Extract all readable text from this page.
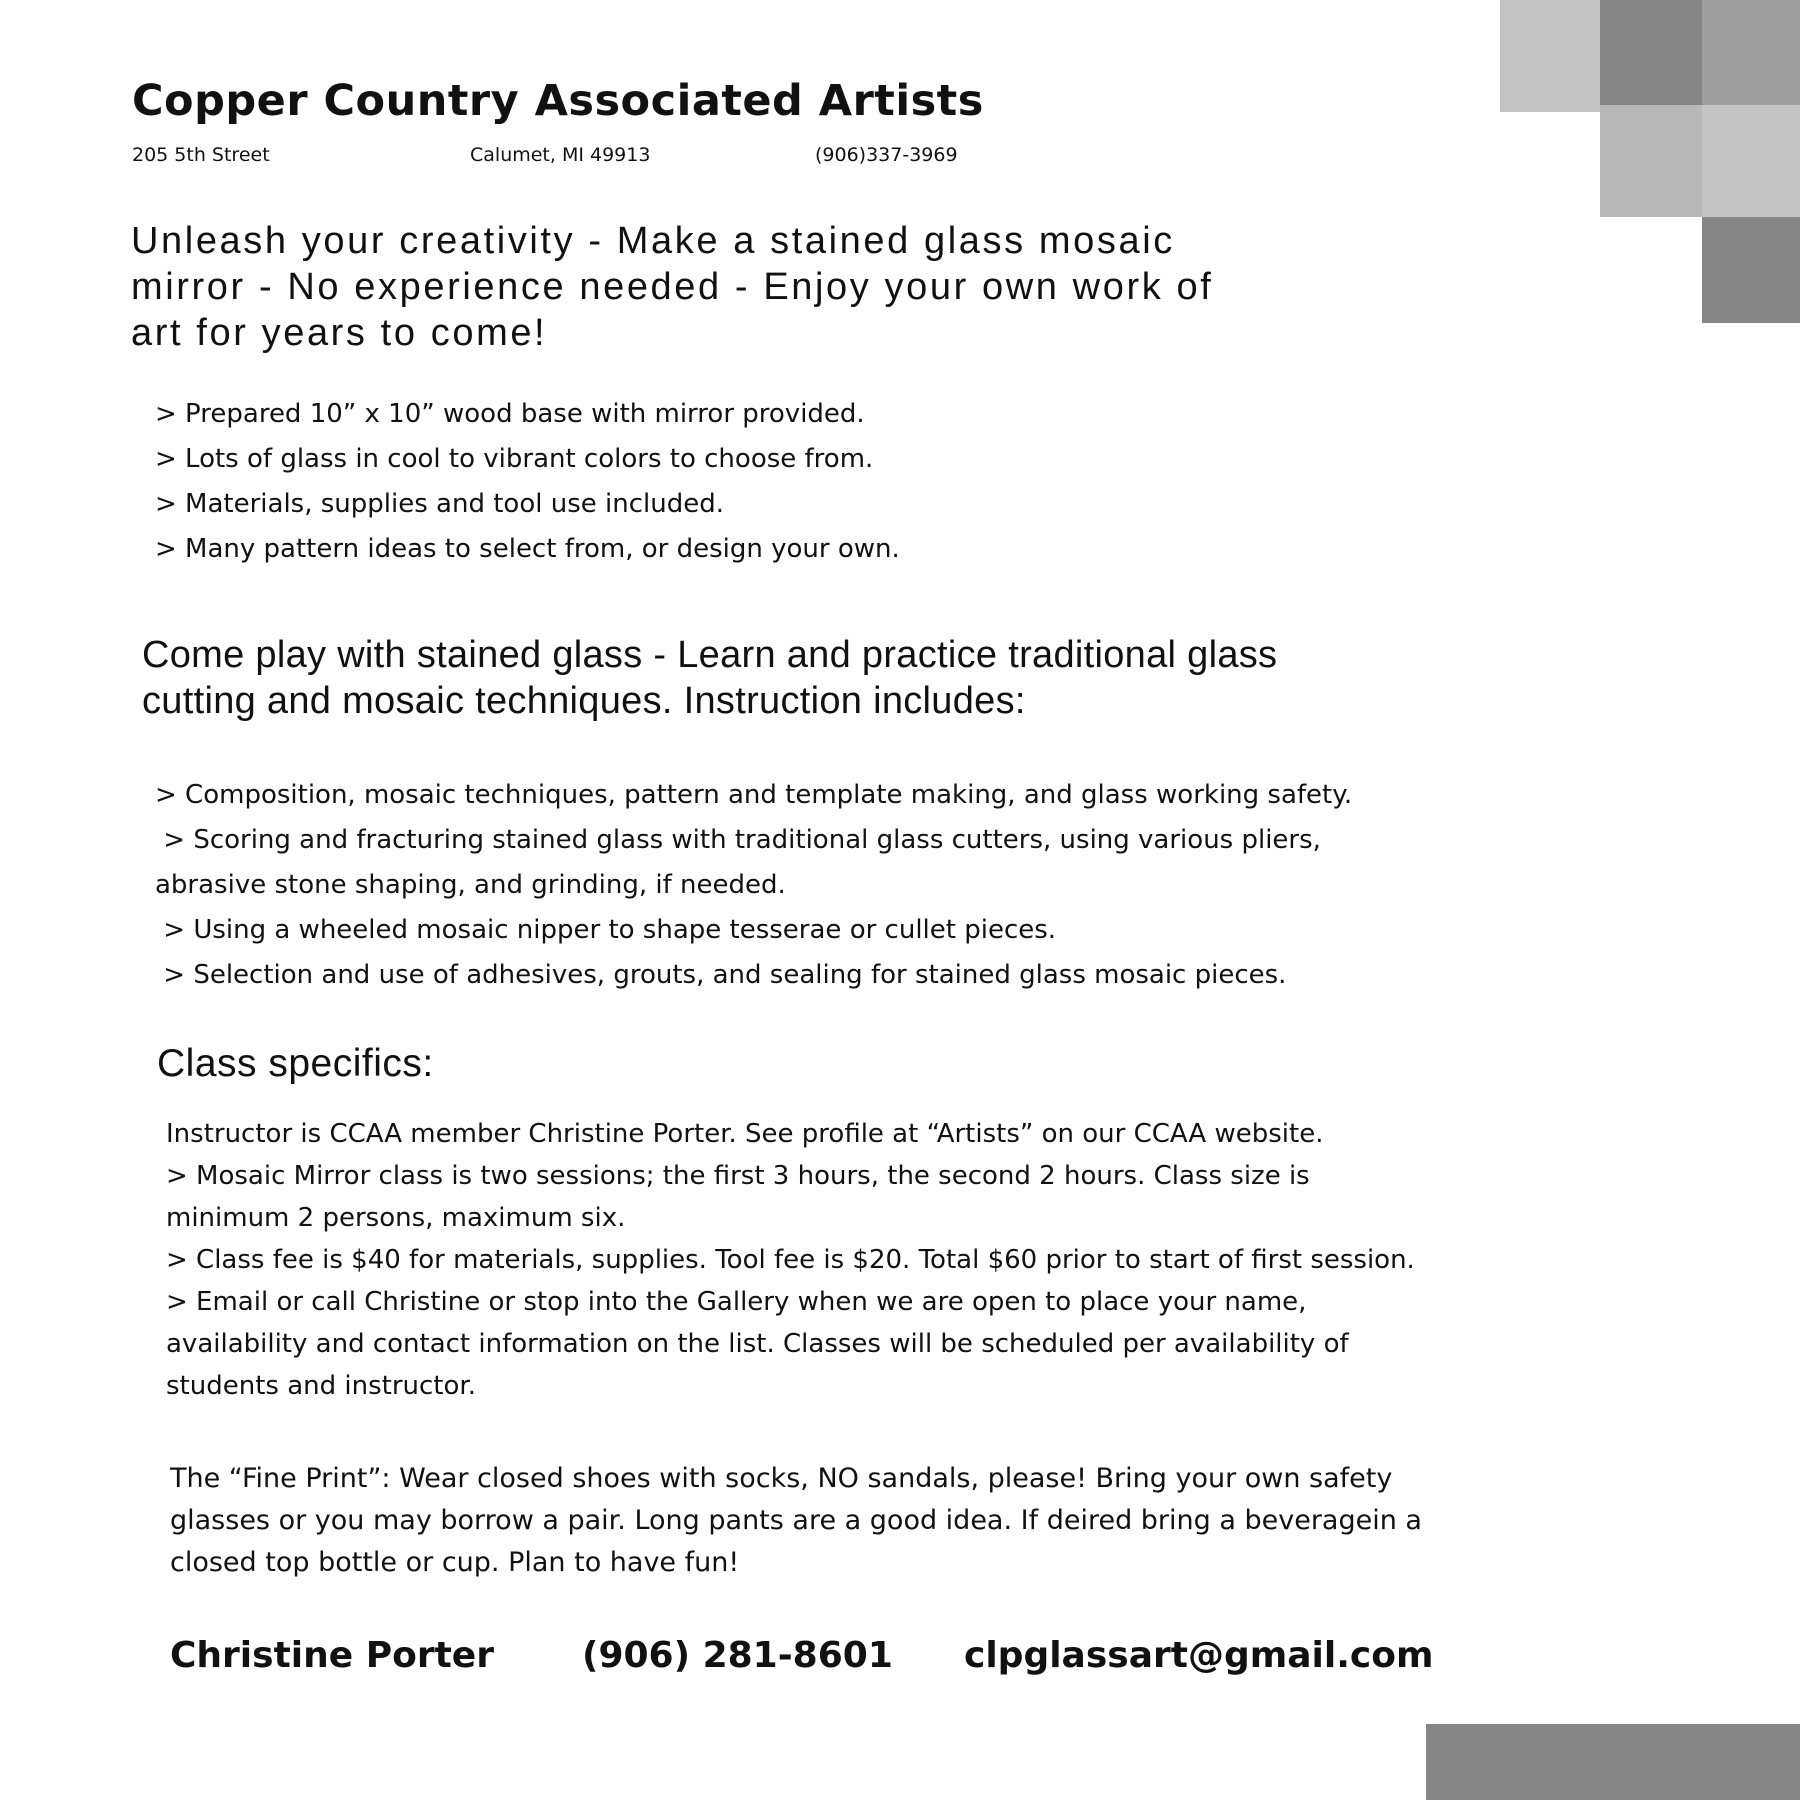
Copper Country Associated Artists
205 5th Street	Calumet, MI 49913	(906)337-3969
Unleash your creativity - Make a stained glass mosaic
mirror - No experience needed - Enjoy your own work of
art for years to come!
> Prepared 10” x 10” wood base with mirror provided.
> Lots of glass in cool to vibrant colors to choose from.
> Materials, supplies and tool use included.
> Many pattern ideas to select from, or design your own.
Come play with stained glass - Learn and practice traditional glass
cutting and mosaic techniques. Instruction includes:
> Composition, mosaic techniques, pattern and template making, and glass working safety.
> Scoring and fracturing stained glass with traditional glass cutters, using various pliers,
abrasive stone shaping, and grinding, if needed.
> Using a wheeled mosaic nipper to shape tesserae or cullet pieces.
> Selection and use of adhesives, grouts, and sealing for stained glass mosaic pieces.
Class specifics:
Instructor is CCAA member Christine Porter. See profile at “Artists” on our CCAA website.
> Mosaic Mirror class is two sessions; the first 3 hours, the second 2 hours. Class size is
minimum 2 persons, maximum six.
> Class fee is $40 for materials, supplies. Tool fee is $20. Total $60 prior to start of first session.
> Email or call Christine or stop into the Gallery when we are open to place your name,
availability and contact information on the list. Classes will be scheduled per availability of
students and instructor.
The “Fine Print”: Wear closed shoes with socks, NO sandals, please! Bring your own safety
glasses or you may borrow a pair. Long pants are a good idea. If deired bring a beveragein a
closed top bottle or cup. Plan to have fun!
Christine Porter (906) 281-8601 clpglassart@gmail.com
